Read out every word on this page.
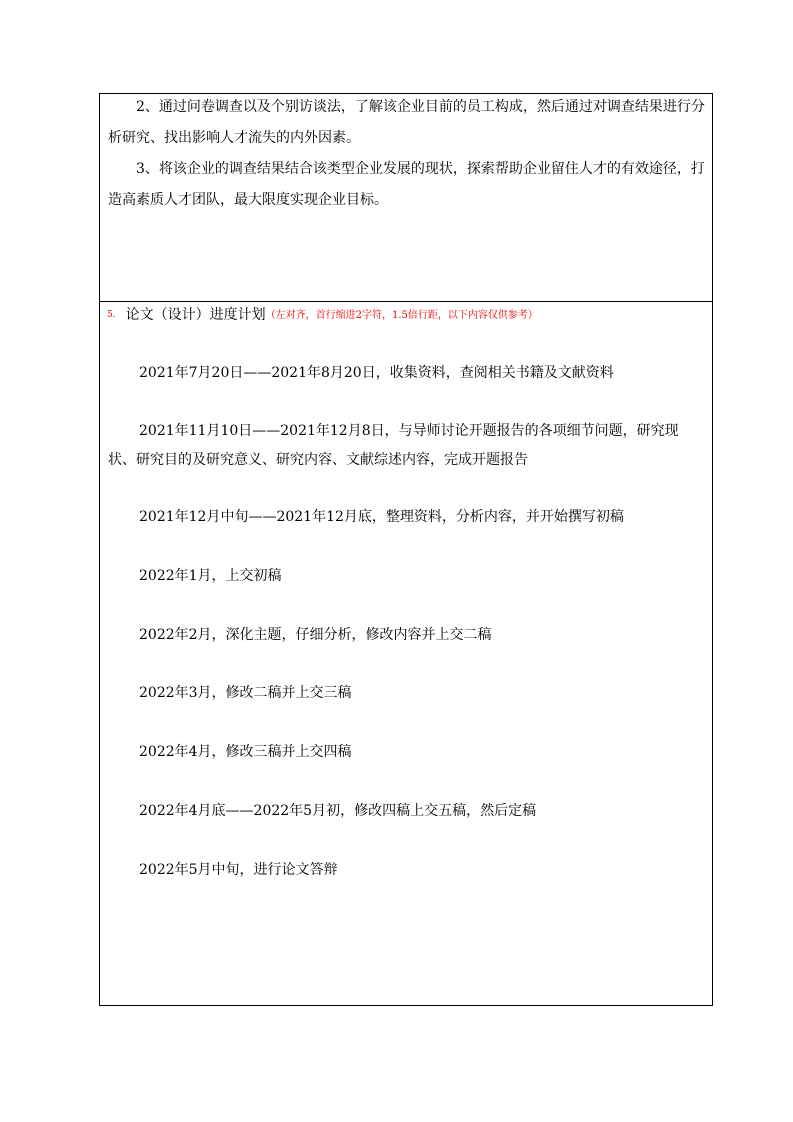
2、通过问卷调查以及个别访谈法，了解该企业目前的员工构成，然后通过对调查结果进行分析研究、找出影响人才流失的内外因素。

3、将该企业的调查结果结合该类型企业发展的现状，探索帮助企业留住人才的有效途径，打造高素质人才团队，最大限度实现企业目标。

5. 论文（设计）进度计划（左对齐，首行缩进2字符，1.5倍行距，以下内容仅供参考）

2021年7月20日——2021年8月20日，收集资料，查阅相关书籍及文献资料

2021年11月10日——2021年12月8日，与导师讨论开题报告的各项细节问题，研究现状、研究目的及研究意义、研究内容、文献综述内容，完成开题报告

2021年12月中旬——2021年12月底，整理资料，分析内容，并开始撰写初稿

2022年1月，上交初稿

2022年2月，深化主题，仔细分析，修改内容并上交二稿

2022年3月，修改二稿并上交三稿

2022年4月，修改三稿并上交四稿

2022年4月底——2022年5月初，修改四稿上交五稿，然后定稿

2022年5月中旬，进行论文答辩
